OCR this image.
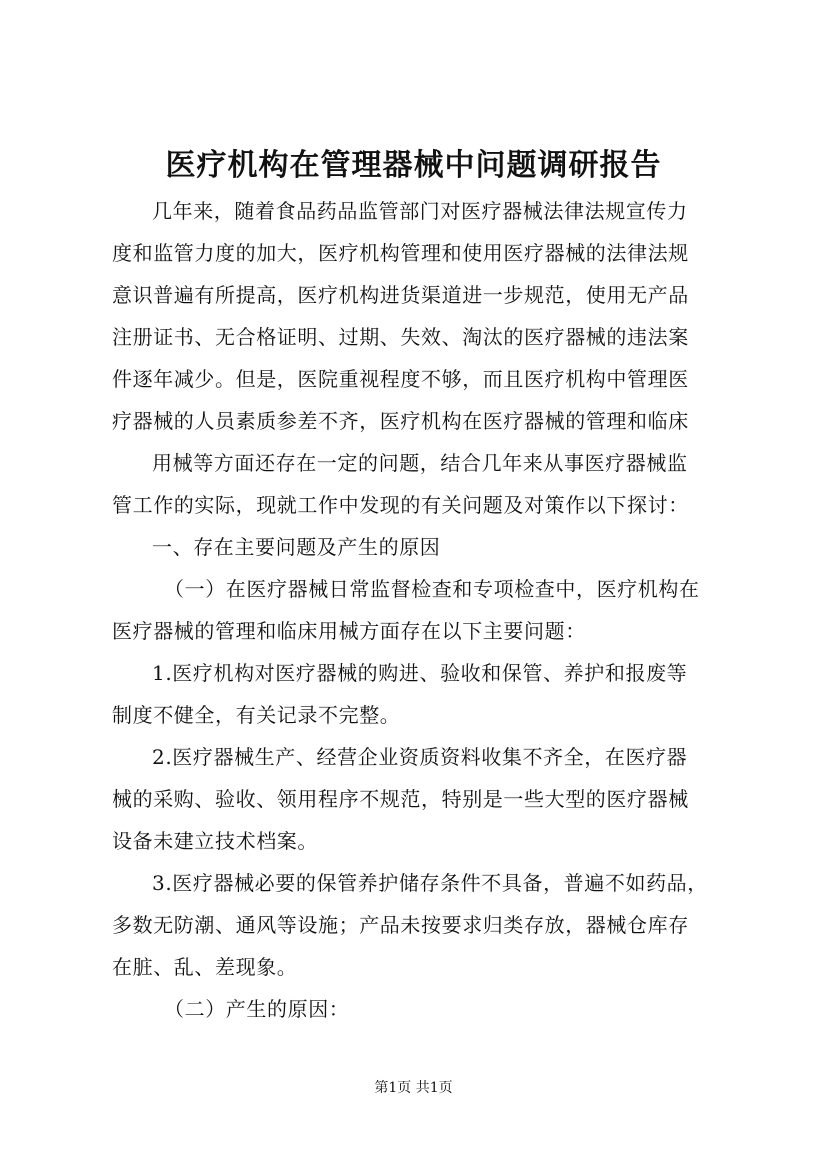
医疗机构在管理器械中问题调研报告
几年来，随着食品药品监管部门对医疗器械法律法规宣传力
度和监管力度的加大，医疗机构管理和使用医疗器械的法律法规
意识普遍有所提高，医疗机构进货渠道进一步规范，使用无产品
注册证书、无合格证明、过期、失效、淘汰的医疗器械的违法案
件逐年减少。但是，医院重视程度不够，而且医疗机构中管理医
疗器械的人员素质参差不齐，医疗机构在医疗器械的管理和临床
用械等方面还存在一定的问题，结合几年来从事医疗器械监
管工作的实际，现就工作中发现的有关问题及对策作以下探讨：
一、存在主要问题及产生的原因
（一）在医疗器械日常监督检查和专项检查中，医疗机构在
医疗器械的管理和临床用械方面存在以下主要问题：
1.医疗机构对医疗器械的购进、验收和保管、养护和报废等
制度不健全，有关记录不完整。
2.医疗器械生产、经营企业资质资料收集不齐全，在医疗器
械的采购、验收、领用程序不规范，特别是一些大型的医疗器械
设备未建立技术档案。
3.医疗器械必要的保管养护储存条件不具备，普遍不如药品，
多数无防潮、通风等设施；产品未按要求归类存放，器械仓库存
在脏、乱、差现象。
（二）产生的原因：
第1页 共1页
